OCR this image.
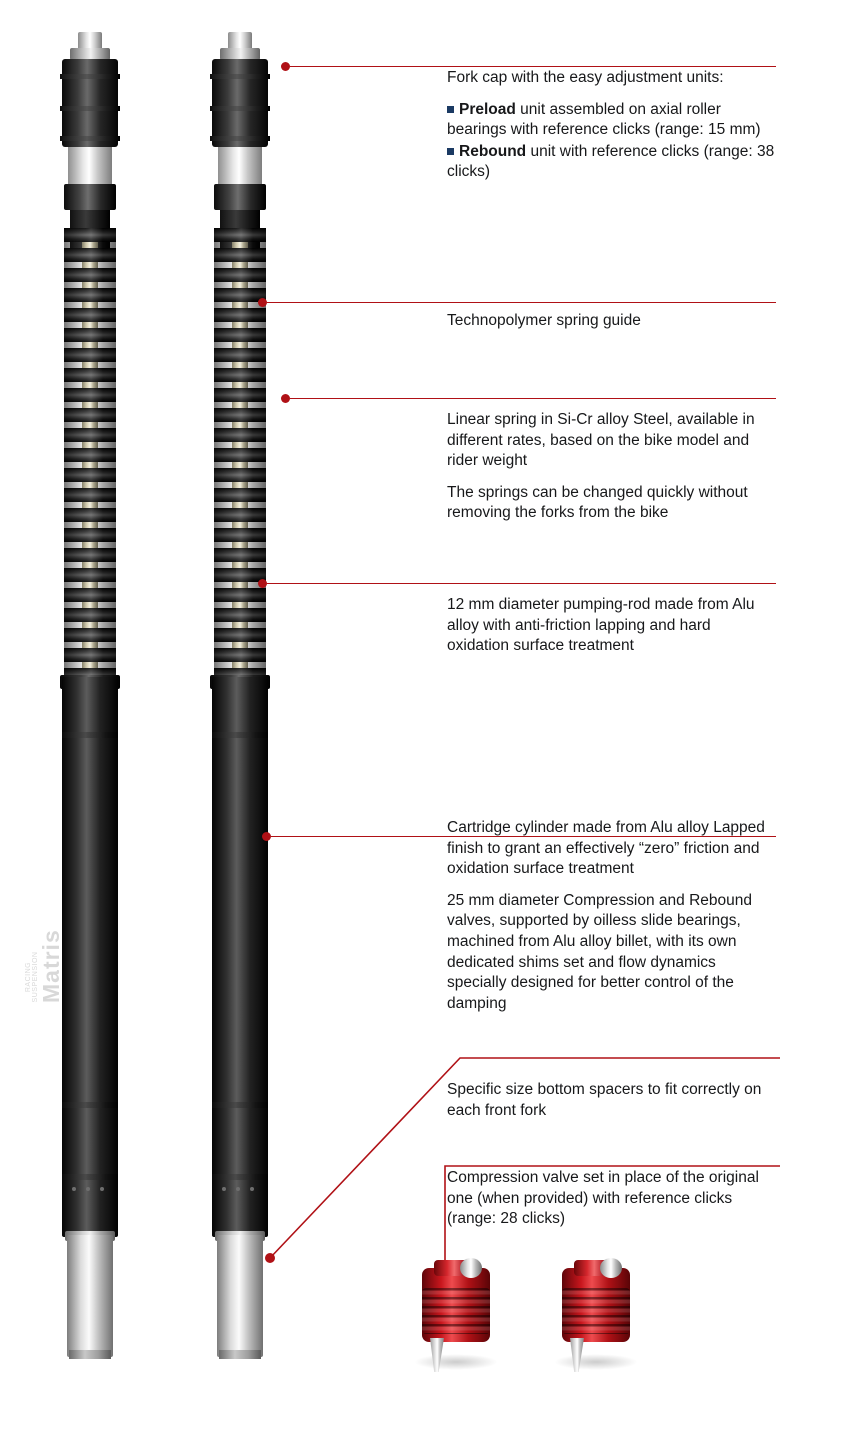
RACING SUSPENSION Matris

Fork cap with the easy adjustment units:

Preload unit assembled on axial roller bearings with reference clicks (range: 15 mm)
Rebound unit with reference clicks (range: 38 clicks)

Technopolymer spring guide

Linear spring in Si-Cr alloy Steel, available in different rates, based on the bike model and rider weight

The springs can be changed quickly without removing the forks from the bike

12 mm diameter pumping-rod made from Alu alloy with anti-friction lapping and hard oxidation surface treatment

Cartridge cylinder made from Alu alloy Lapped finish to grant an effectively “zero” friction and oxidation surface treatment

25 mm diameter Compression and Rebound valves, supported by oilless slide bearings, machined from Alu alloy billet, with its own dedicated shims set and flow dynamics specially designed for better control of the damping

Specific size bottom spacers to fit correctly on each front fork

Compression valve set in place of the original one (when provided) with reference clicks (range: 28 clicks)
